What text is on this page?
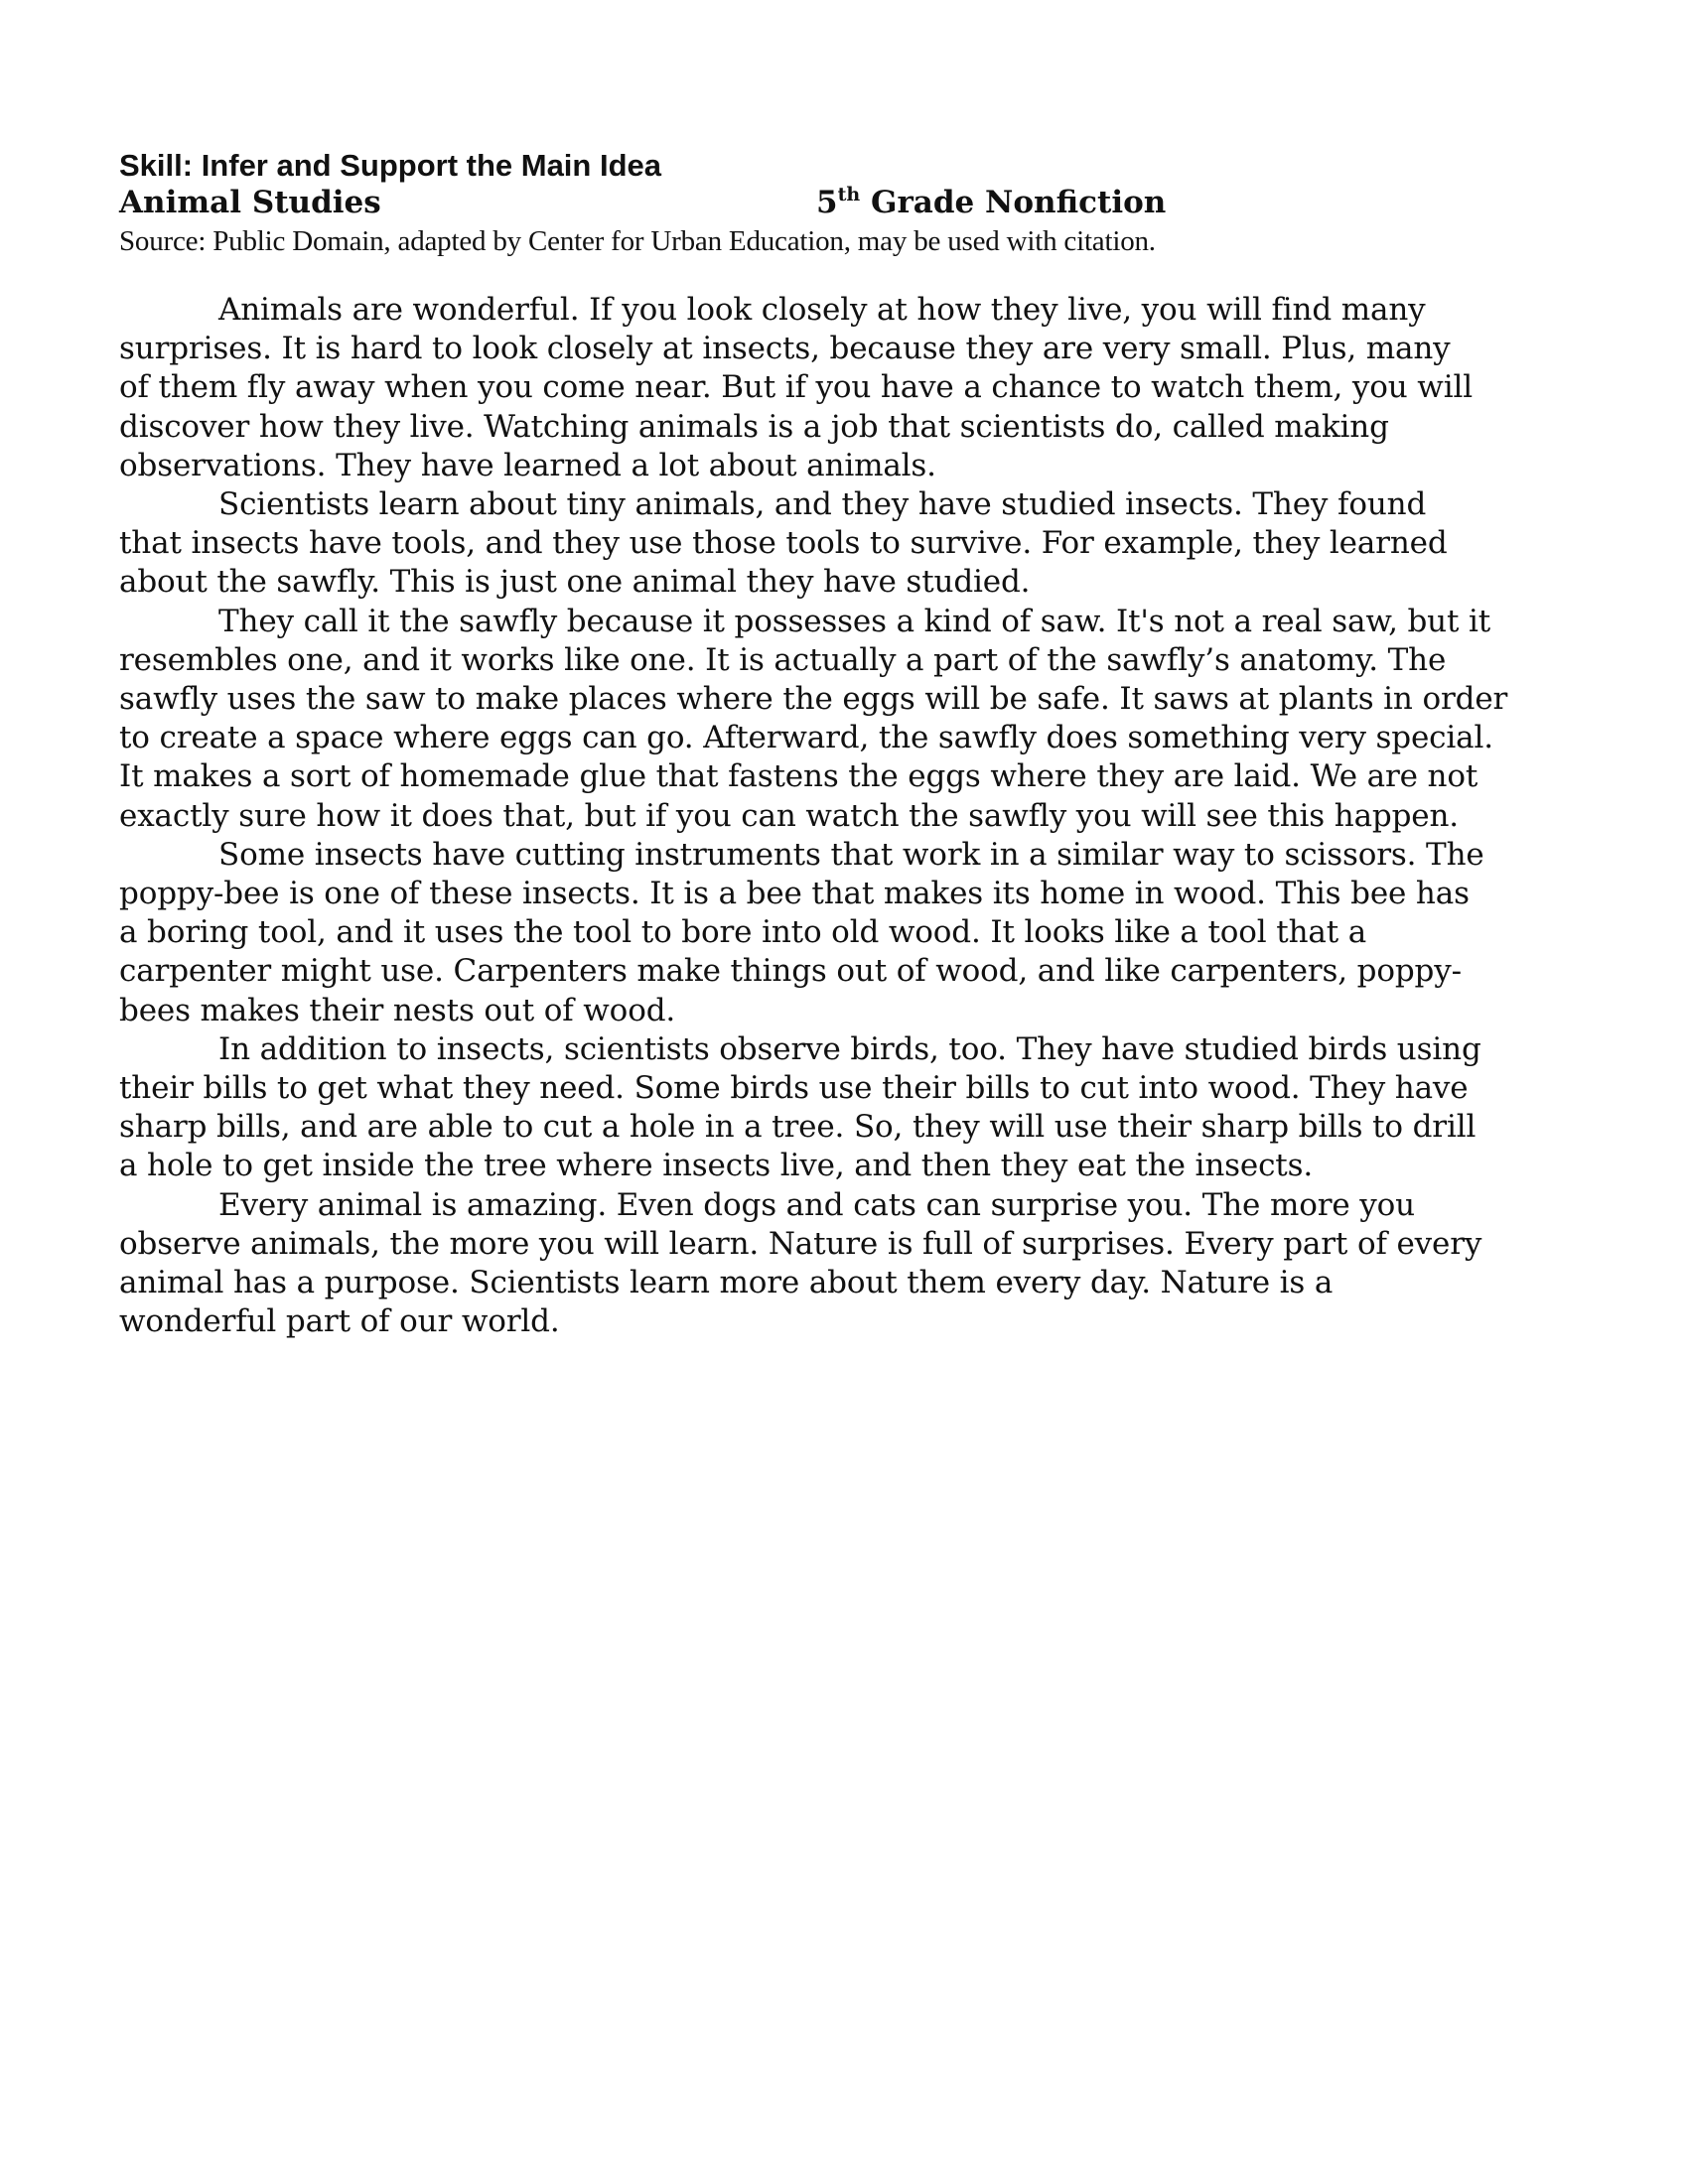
Skill: Infer and Support the Main Idea

Animal Studies	5th Grade Nonfiction

Source: Public Domain, adapted by Center for Urban Education, may be used with citation.

Animals are wonderful. If you look closely at how they live, you will find many
surprises. It is hard to look closely at insects, because they are very small. Plus, many
of them fly away when you come near. But if you have a chance to watch them, you will
discover how they live. Watching animals is a job that scientists do, called making
observations. They have learned a lot about animals.

Scientists learn about tiny animals, and they have studied insects. They found
that insects have tools, and they use those tools to survive. For example, they learned
about the sawfly. This is just one animal they have studied.

They call it the sawfly because it possesses a kind of saw. It's not a real saw, but it
resembles one, and it works like one. It is actually a part of the sawfly’s anatomy. The
sawfly uses the saw to make places where the eggs will be safe. It saws at plants in order
to create a space where eggs can go. Afterward, the sawfly does something very special.
It makes a sort of homemade glue that fastens the eggs where they are laid. We are not
exactly sure how it does that, but if you can watch the sawfly you will see this happen.

Some insects have cutting instruments that work in a similar way to scissors. The
poppy-bee is one of these insects. It is a bee that makes its home in wood. This bee has
a boring tool, and it uses the tool to bore into old wood. It looks like a tool that a
carpenter might use. Carpenters make things out of wood, and like carpenters, poppy-
bees makes their nests out of wood.

In addition to insects, scientists observe birds, too. They have studied birds using
their bills to get what they need. Some birds use their bills to cut into wood. They have
sharp bills, and are able to cut a hole in a tree. So, they will use their sharp bills to drill
a hole to get inside the tree where insects live, and then they eat the insects.

Every animal is amazing. Even dogs and cats can surprise you. The more you
observe animals, the more you will learn. Nature is full of surprises. Every part of every
animal has a purpose. Scientists learn more about them every day. Nature is a
wonderful part of our world.
